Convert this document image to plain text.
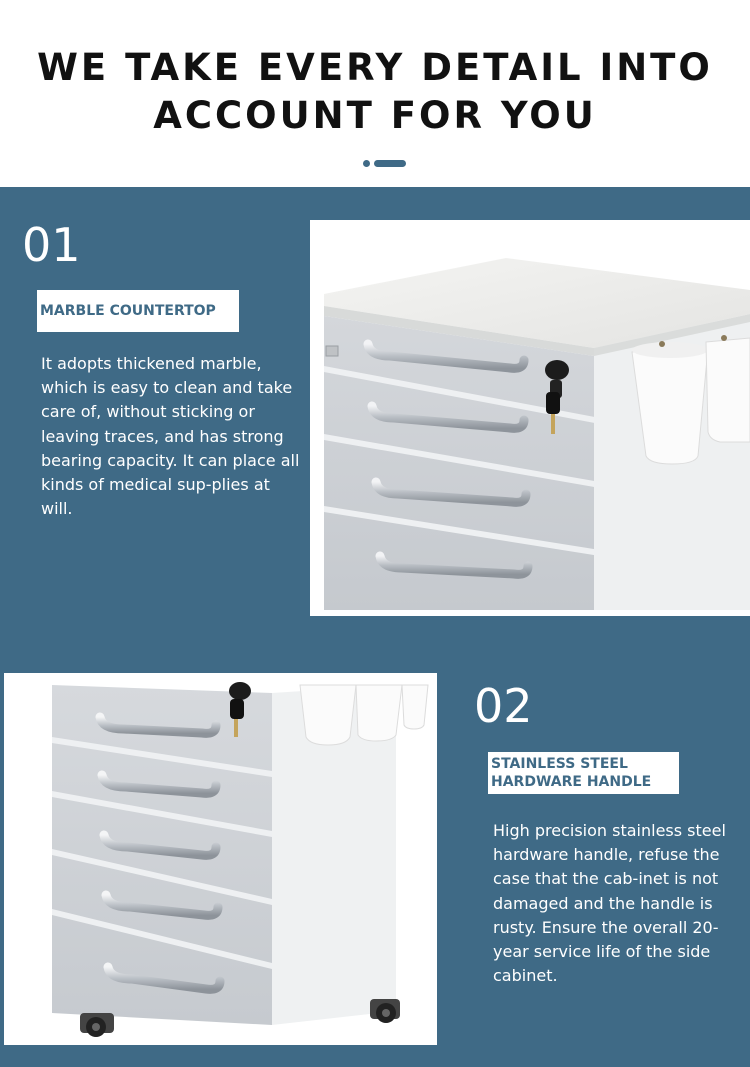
WE TAKE EVERY DETAIL INTO
ACCOUNT FOR YOU
01
MARBLE COUNTERTOP
It adopts thickened marble, which is easy to clean and take care of, without sticking or leaving traces, and has strong bearing capacity. It can place all kinds of medical sup-plies at will.
02
STAINLESS STEEL
HARDWARE HANDLE
High precision stainless steel hardware handle, refuse the case that the cab-inet is not damaged and the handle is rusty. Ensure the overall 20-year service life of the side cabinet.
